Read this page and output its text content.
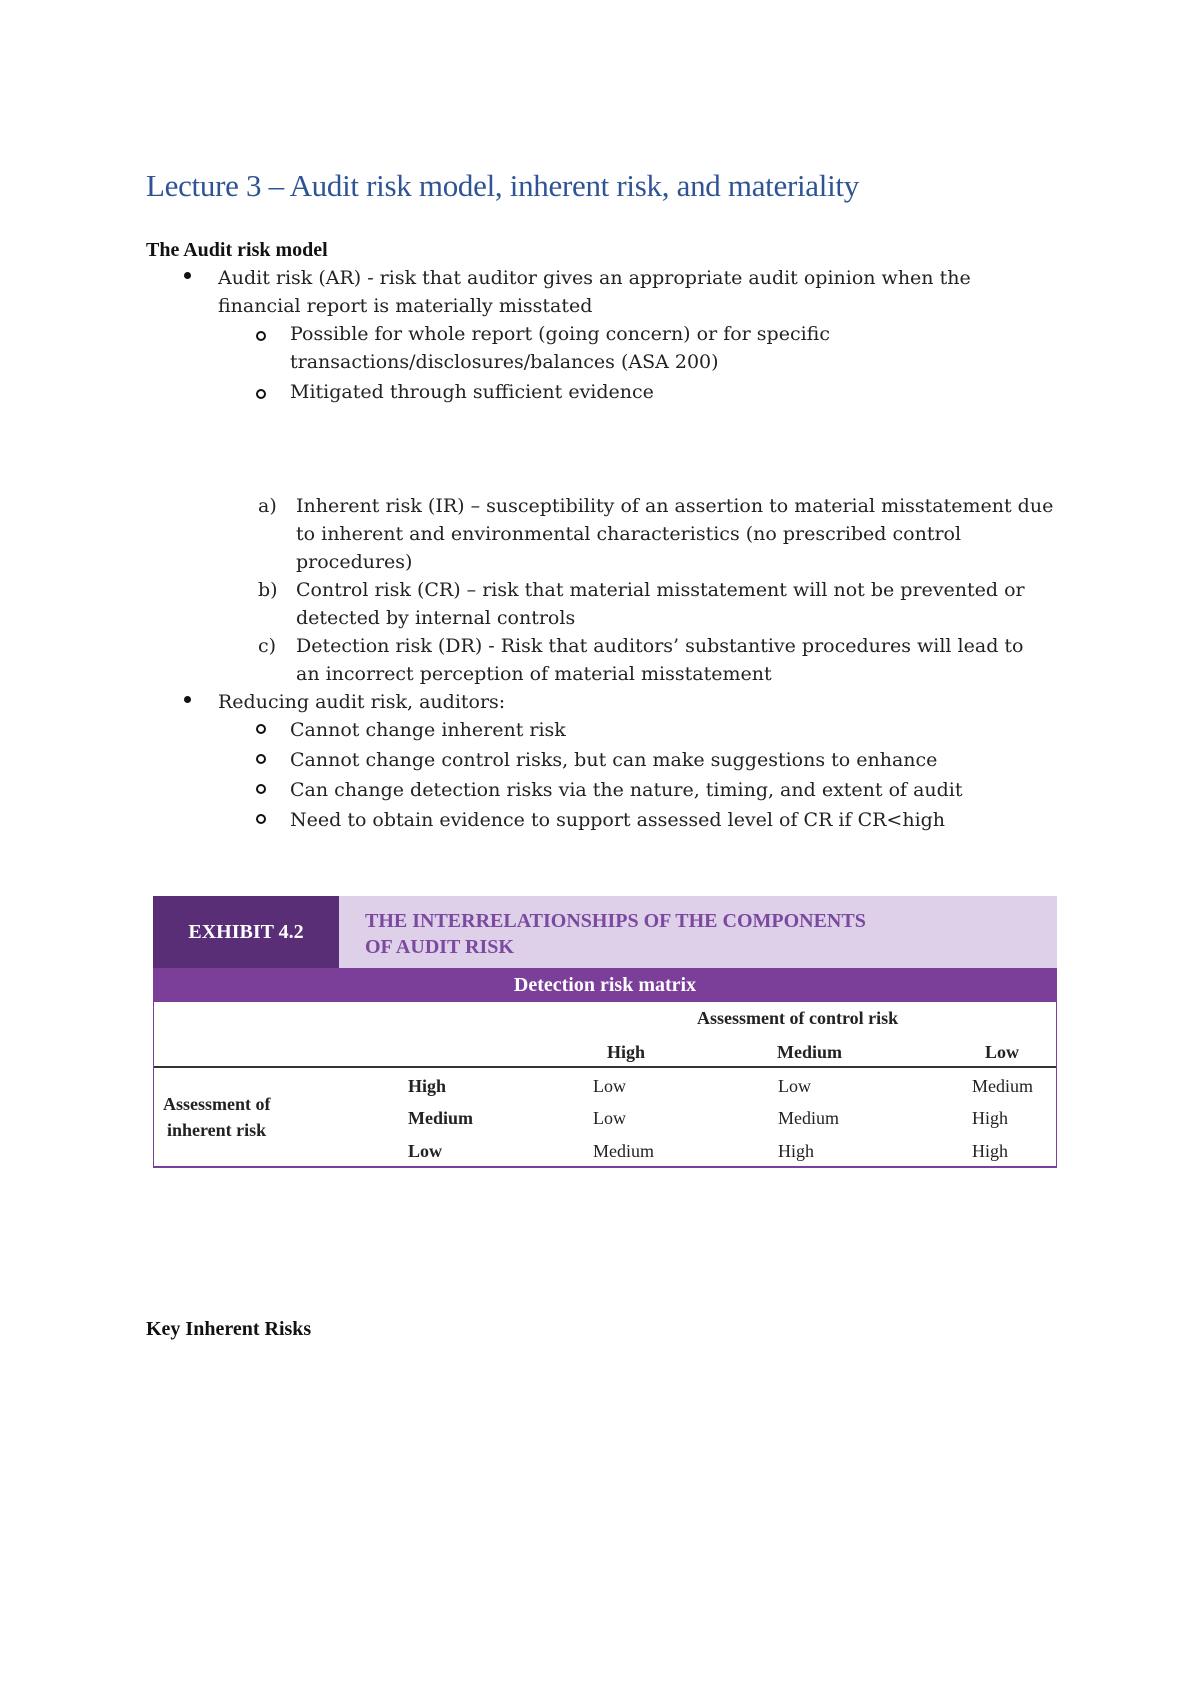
Lecture 3 – Audit risk model, inherent risk, and materiality
The Audit risk model
Audit risk (AR) - risk that auditor gives an appropriate audit opinion when the
financial report is materially misstated
Possible for whole report (going concern) or for specific
transactions/disclosures/balances (ASA 200)
Mitigated through sufficient evidence
a) Inherent risk (IR) – susceptibility of an assertion to material misstatement due
to inherent and environmental characteristics (no prescribed control
procedures)
b) Control risk (CR) – risk that material misstatement will not be prevented or
detected by internal controls
c) Detection risk (DR) - Risk that auditors’ substantive procedures will lead to
an incorrect perception of material misstatement
Reducing audit risk, auditors:
Cannot change inherent risk
Cannot change control risks, but can make suggestions to enhance
Can change detection risks via the nature, timing, and extent of audit
Need to obtain evidence to support assessed level of CR if CR<high
EXHIBIT 4.2	THE INTERRELATIONSHIPS OF THE COMPONENTS
OF AUDIT RISK
Detection risk matrix
Assessment of control risk
High	Medium	Low
Assessment of
inherent risk
High	Low	Low	Medium
Medium	Low	Medium	High
Low	Medium	High	High
Key Inherent Risks
